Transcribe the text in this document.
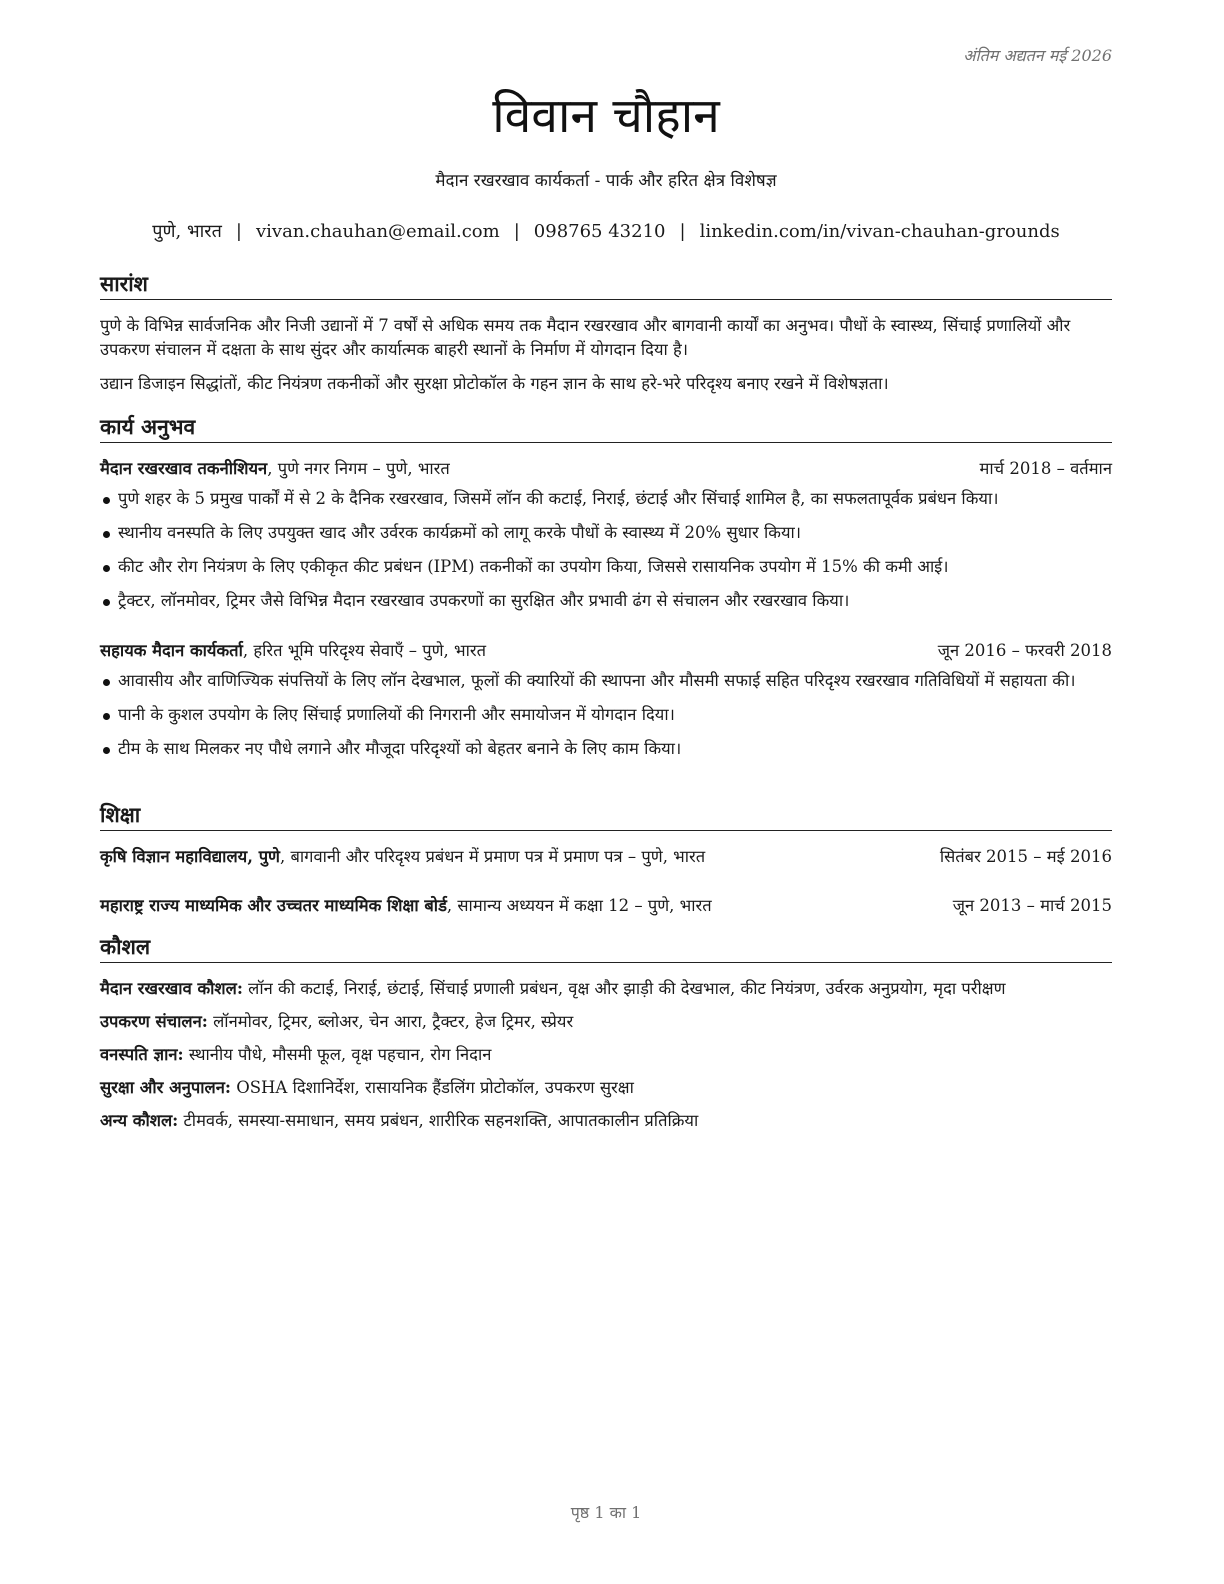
अंतिम अद्यतन मई 2026
विवान चौहान
मैदान रखरखाव कार्यकर्ता - पार्क और हरित क्षेत्र विशेषज्ञ
पुणे, भारत | vivan.chauhan@email.com | 098765 43210 | linkedin.com/in/vivan-chauhan-grounds
सारांश

पुणे के विभिन्न सार्वजनिक और निजी उद्यानों में 7 वर्षों से अधिक समय तक मैदान रखरखाव और बागवानी कार्यों का अनुभव। पौधों के स्वास्थ्य, सिंचाई प्रणालियों और उपकरण संचालन में दक्षता के साथ सुंदर और कार्यात्मक बाहरी स्थानों के निर्माण में योगदान दिया है।

उद्यान डिजाइन सिद्धांतों, कीट नियंत्रण तकनीकों और सुरक्षा प्रोटोकॉल के गहन ज्ञान के साथ हरे-भरे परिदृश्य बनाए रखने में विशेषज्ञता।

कार्य अनुभव
मैदान रखरखाव तकनीशियन, पुणे नगर निगम – पुणे, भारत	मार्च 2018 – वर्तमान
पुणे शहर के 5 प्रमुख पार्कों में से 2 के दैनिक रखरखाव, जिसमें लॉन की कटाई, निराई, छंटाई और सिंचाई शामिल है, का सफलतापूर्वक प्रबंधन किया।
स्थानीय वनस्पति के लिए उपयुक्त खाद और उर्वरक कार्यक्रमों को लागू करके पौधों के स्वास्थ्य में 20% सुधार किया।
कीट और रोग नियंत्रण के लिए एकीकृत कीट प्रबंधन (IPM) तकनीकों का उपयोग किया, जिससे रासायनिक उपयोग में 15% की कमी आई।
ट्रैक्टर, लॉनमोवर, ट्रिमर जैसे विभिन्न मैदान रखरखाव उपकरणों का सुरक्षित और प्रभावी ढंग से संचालन और रखरखाव किया।
सहायक मैदान कार्यकर्ता, हरित भूमि परिदृश्य सेवाएँ – पुणे, भारत	जून 2016 – फरवरी 2018
आवासीय और वाणिज्यिक संपत्तियों के लिए लॉन देखभाल, फूलों की क्यारियों की स्थापना और मौसमी सफाई सहित परिदृश्य रखरखाव गतिविधियों में सहायता की।
पानी के कुशल उपयोग के लिए सिंचाई प्रणालियों की निगरानी और समायोजन में योगदान दिया।
टीम के साथ मिलकर नए पौधे लगाने और मौजूदा परिदृश्यों को बेहतर बनाने के लिए काम किया।
शिक्षा
कृषि विज्ञान महाविद्यालय, पुणे, बागवानी और परिदृश्य प्रबंधन में प्रमाण पत्र में प्रमाण पत्र – पुणे, भारत	सितंबर 2015 – मई 2016
महाराष्ट्र राज्य माध्यमिक और उच्चतर माध्यमिक शिक्षा बोर्ड, सामान्य अध्ययन में कक्षा 12 – पुणे, भारत	जून 2013 – मार्च 2015
कौशल
मैदान रखरखाव कौशल: लॉन की कटाई, निराई, छंटाई, सिंचाई प्रणाली प्रबंधन, वृक्ष और झाड़ी की देखभाल, कीट नियंत्रण, उर्वरक अनुप्रयोग, मृदा परीक्षण
उपकरण संचालन: लॉनमोवर, ट्रिमर, ब्लोअर, चेन आरा, ट्रैक्टर, हेज ट्रिमर, स्प्रेयर
वनस्पति ज्ञान: स्थानीय पौधे, मौसमी फूल, वृक्ष पहचान, रोग निदान
सुरक्षा और अनुपालन: OSHA दिशानिर्देश, रासायनिक हैंडलिंग प्रोटोकॉल, उपकरण सुरक्षा
अन्य कौशल: टीमवर्क, समस्या-समाधान, समय प्रबंधन, शारीरिक सहनशक्ति, आपातकालीन प्रतिक्रिया
पृष्ठ 1 का 1
